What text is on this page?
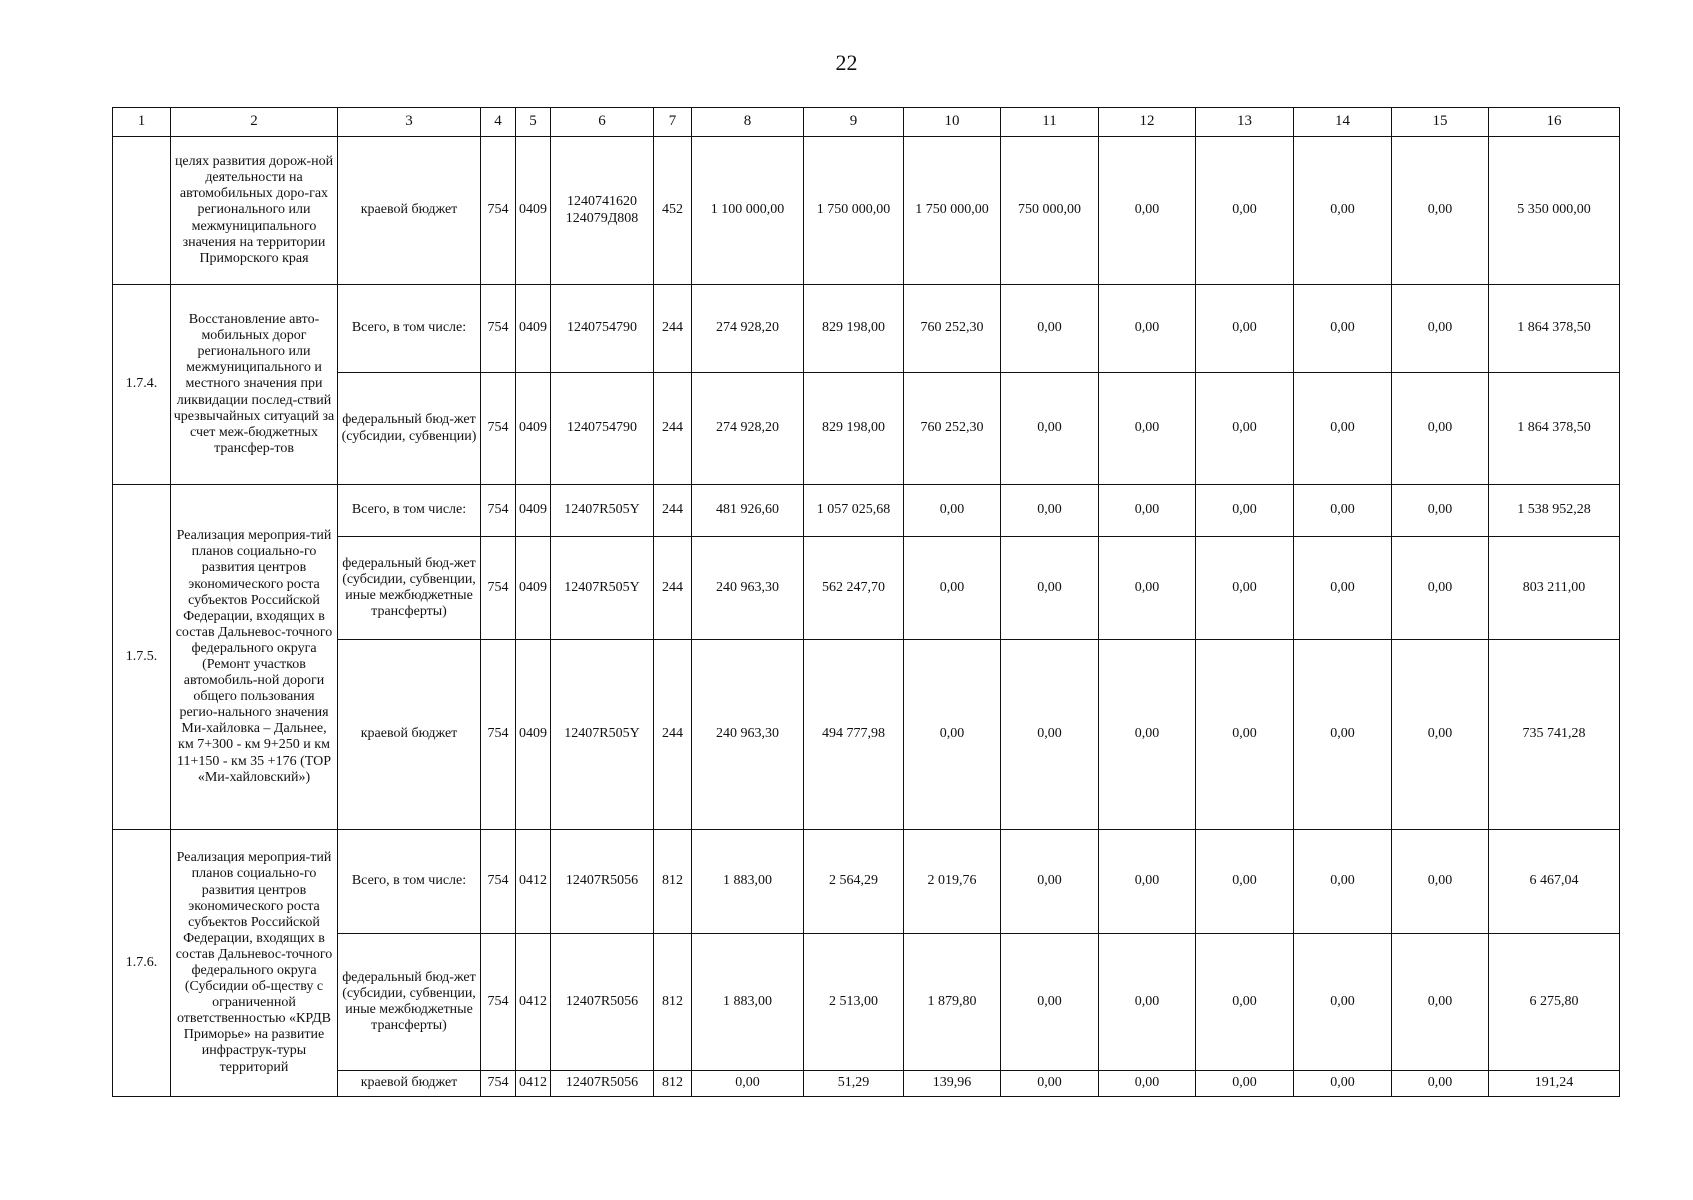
22
1	2	3	4	5	6	7	8	9	10	11	12	13	14	15	16
	целях развития дорож-ной деятельности на автомобильных доро-гах регионального или межмуниципального значения на территории Приморского края	краевой бюджет	754	0409	1240741620 124079Д808	452	1 100 000,00	1 750 000,00	1 750 000,00	750 000,00	0,00	0,00	0,00	0,00	5 350 000,00
1.7.4.	Восстановление авто-мобильных дорог регионального или межмуниципального и местного значения при ликвидации послед-ствий чрезвычайных ситуаций за счет меж-бюджетных трансфер-тов	Всего, в том числе:	754	0409	1240754790	244	274 928,20	829 198,00	760 252,30	0,00	0,00	0,00	0,00	0,00	1 864 378,50
		федеральный бюд-жет (субсидии, субвенции)	754	0409	1240754790	244	274 928,20	829 198,00	760 252,30	0,00	0,00	0,00	0,00	0,00	1 864 378,50
1.7.5.	Реализация мероприя-тий планов социально-го развития центров экономического роста субъектов Российской Федерации, входящих в состав Дальневос-точного федерального округа (Ремонт участков автомобиль-ной дороги общего пользования регио-нального значения Ми-хайловка – Дальнее, км 7+300 - км 9+250 и км 11+150 - км 35 +176 (ТОР «Ми-хайловский»)	Всего, в том числе:	754	0409	12407R505Y	244	481 926,60	1 057 025,68	0,00	0,00	0,00	0,00	0,00	0,00	1 538 952,28
		федеральный бюд-жет (субсидии, субвенции, иные межбюджетные трансферты)	754	0409	12407R505Y	244	240 963,30	562 247,70	0,00	0,00	0,00	0,00	0,00	0,00	803 211,00
		краевой бюджет	754	0409	12407R505Y	244	240 963,30	494 777,98	0,00	0,00	0,00	0,00	0,00	0,00	735 741,28
1.7.6.	Реализация мероприя-тий планов социально-го развития центров экономического роста субъектов Российской Федерации, входящих в состав Дальневос-точного федерального округа (Субсидии об-ществу с ограниченной ответственностью «КРДВ Приморье» на развитие инфраструк-туры территорий	Всего, в том числе:	754	0412	12407R5056	812	1 883,00	2 564,29	2 019,76	0,00	0,00	0,00	0,00	0,00	6 467,04
		федеральный бюд-жет (субсидии, субвенции, иные межбюджетные трансферты)	754	0412	12407R5056	812	1 883,00	2 513,00	1 879,80	0,00	0,00	0,00	0,00	0,00	6 275,80
		краевой бюджет	754	0412	12407R5056	812	0,00	51,29	139,96	0,00	0,00	0,00	0,00	0,00	191,24
